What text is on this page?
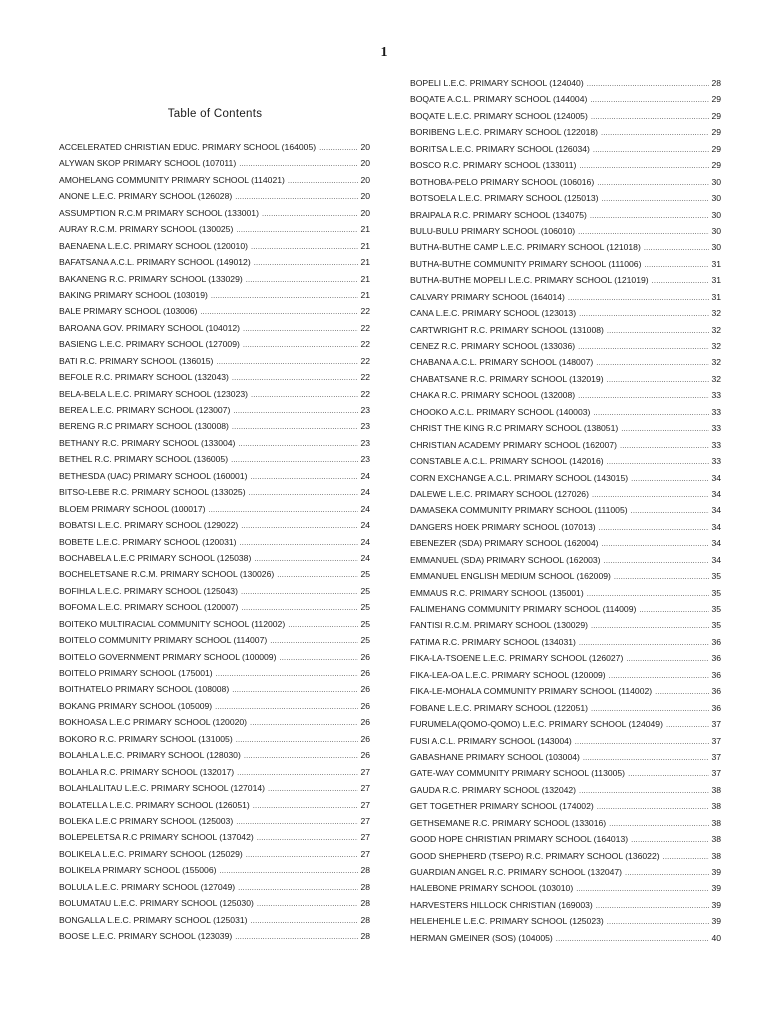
1
Table of Contents
ACCELERATED CHRISTIAN EDUC. PRIMARY SCHOOL (164005) .....	20
ALYWAN SKOP PRIMARY SCHOOL (107011) .....	20
AMOHELANG COMMUNITY PRIMARY SCHOOL (114021) .....	20
ANONE L.E.C. PRIMARY SCHOOL (126028) .....	20
ASSUMPTION R.C.M PRIMARY SCHOOL (133001) .....	20
AURAY R.C.M. PRIMARY SCHOOL (130025) .....	21
BAENAENA L.E.C. PRIMARY SCHOOL (120010) .....	21
BAFATSANA A.C.L. PRIMARY SCHOOL (149012) .....	21
BAKANENG R.C. PRIMARY SCHOOL (133029) .....	21
BAKING PRIMARY SCHOOL (103019) .....	21
BALE PRIMARY SCHOOL (103006) .....	22
BAROANA GOV. PRIMARY SCHOOL (104012) .....	22
BASIENG L.E.C. PRIMARY SCHOOL (127009) .....	22
BATI R.C. PRIMARY SCHOOL (136015) .....	22
BEFOLE R.C. PRIMARY SCHOOL (132043) .....	22
BELA-BELA L.E.C. PRIMARY SCHOOL (123023) .....	22
BEREA L.E.C. PRIMARY SCHOOL (123007) .....	23
BERENG R.C PRIMARY SCHOOL (130008) .....	23
BETHANY R.C. PRIMARY SCHOOL (133004) .....	23
BETHEL R.C. PRIMARY SCHOOL (136005) .....	23
BETHESDA (UAC) PRIMARY SCHOOL (160001) .....	24
BITSO-LEBE R.C. PRIMARY SCHOOL (133025) .....	24
BLOEM PRIMARY SCHOOL (100017) .....	24
BOBATSI L.E.C. PRIMARY SCHOOL (129022) .....	24
BOBETE L.E.C. PRIMARY SCHOOL (120031) .....	24
BOCHABELA L.E.C PRIMARY SCHOOL (125038) .....	24
BOCHELETSANE R.C.M. PRIMARY SCHOOL (130026) .....	25
BOFIHLA L.E.C. PRIMARY SCHOOL (125043) .....	25
BOFOMA L.E.C. PRIMARY SCHOOL (120007) .....	25
BOITEKO MULTIRACIAL COMMUNITY SCHOOL (112002) .....	25
BOITELO COMMUNITY PRIMARY SCHOOL (114007) .....	25
BOITELO GOVERNMENT PRIMARY SCHOOL (100009) .....	26
BOITELO PRIMARY SCHOOL (175001) .....	26
BOITHATELO PRIMARY SCHOOL (108008) .....	26
BOKANG PRIMARY SCHOOL (105009) .....	26
BOKHOASA L.E.C PRIMARY SCHOOL (120020) .....	26
BOKORO R.C. PRIMARY SCHOOL (131005) .....	26
BOLAHLA L.E.C. PRIMARY SCHOOL (128030) .....	26
BOLAHLA R.C. PRIMARY SCHOOL (132017) .....	27
BOLAHLALITAU L.E.C. PRIMARY SCHOOL (127014) .....	27
BOLATELLA L.E.C. PRIMARY SCHOOL (126051) .....	27
BOLEKA L.E.C PRIMARY SCHOOL (125003) .....	27
BOLEPELETSA R.C PRIMARY SCHOOL (137042) .....	27
BOLIKELA L.E.C. PRIMARY SCHOOL (125029) .....	27
BOLIKELA PRIMARY SCHOOL (155006) .....	28
BOLULA L.E.C. PRIMARY SCHOOL (127049) .....	28
BOLUMATAU L.E.C. PRIMARY SCHOOL (125030) .....	28
BONGALLA L.E.C. PRIMARY SCHOOL (125031) .....	28
BOOSE L.E.C. PRIMARY SCHOOL (123039) .....	28
BOPELI L.E.C. PRIMARY SCHOOL (124040) .....	28
BOQATE A.C.L. PRIMARY SCHOOL (144004) .....	29
BOQATE L.E.C. PRIMARY SCHOOL (124005) .....	29
BORIBENG L.E.C. PRIMARY SCHOOL (122018) .....	29
BORITSA L.E.C. PRIMARY SCHOOL (126034) .....	29
BOSCO R.C. PRIMARY SCHOOL (133011) .....	29
BOTHOBA-PELO PRIMARY SCHOOL (106016) .....	30
BOTSOELA L.E.C. PRIMARY SCHOOL (125013) .....	30
BRAIPALA R.C. PRIMARY SCHOOL (134075) .....	30
BULU-BULU PRIMARY SCHOOL (106010) .....	30
BUTHA-BUTHE CAMP L.E.C. PRIMARY SCHOOL (121018) .....	30
BUTHA-BUTHE COMMUNITY PRIMARY SCHOOL (111006) .....	31
BUTHA-BUTHE MOPELI L.E.C. PRIMARY SCHOOL (121019) .....	31
CALVARY PRIMARY SCHOOL (164014) .....	31
CANA L.E.C. PRIMARY SCHOOL (123013) .....	32
CARTWRIGHT R.C. PRIMARY SCHOOL (131008) .....	32
CENEZ R.C. PRIMARY SCHOOL (133036) .....	32
CHABANA A.C.L. PRIMARY SCHOOL (148007) .....	32
CHABATSANE R.C. PRIMARY SCHOOL (132019) .....	32
CHAKA R.C. PRIMARY SCHOOL (132008) .....	33
CHOOKO A.C.L. PRIMARY SCHOOL (140003) .....	33
CHRIST THE KING R.C PRIMARY SCHOOL (138051) .....	33
CHRISTIAN ACADEMY PRIMARY SCHOOL (162007) .....	33
CONSTABLE A.C.L. PRIMARY SCHOOL (142016) .....	33
CORN EXCHANGE A.C.L. PRIMARY SCHOOL (143015) .....	34
DALEWE L.E.C. PRIMARY SCHOOL (127026) .....	34
DAMASEKA COMMUNITY PRIMARY SCHOOL (111005) .....	34
DANGERS HOEK PRIMARY SCHOOL (107013) .....	34
EBENEZER (SDA) PRIMARY SCHOOL (162004) .....	34
EMMANUEL (SDA) PRIMARY SCHOOL (162003) .....	34
EMMANUEL ENGLISH MEDIUM SCHOOL (162009) .....	35
EMMAUS R.C. PRIMARY SCHOOL (135001) .....	35
FALIMEHANG COMMUNITY PRIMARY SCHOOL (114009) .....	35
FANTISI R.C.M. PRIMARY SCHOOL (130029) .....	35
FATIMA R.C. PRIMARY SCHOOL (134031) .....	36
FIKA-LA-TSOENE L.E.C. PRIMARY SCHOOL (126027) .....	36
FIKA-LEA-OA L.E.C. PRIMARY SCHOOL (120009) .....	36
FIKA-LE-MOHALA COMMUNITY PRIMARY SCHOOL (114002) .....	36
FOBANE L.E.C. PRIMARY SCHOOL (122051) .....	36
FURUMELA(QOMO-QOMO) L.E.C. PRIMARY SCHOOL (124049) .....	37
FUSI A.C.L. PRIMARY SCHOOL (143004) .....	37
GABASHANE PRIMARY SCHOOL (103004) .....	37
GATE-WAY COMMUNITY PRIMARY SCHOOL (113005) .....	37
GAUDA R.C. PRIMARY SCHOOL (132042) .....	38
GET TOGETHER PRIMARY SCHOOL (174002) .....	38
GETHSEMANE R.C. PRIMARY SCHOOL (133016) .....	38
GOOD HOPE CHRISTIAN PRIMARY SCHOOL (164013) .....	38
GOOD SHEPHERD (TSEPO) R.C. PRIMARY SCHOOL (136022) .....	38
GUARDIAN ANGEL R.C. PRIMARY SCHOOL (132047) .....	39
HALEBONE PRIMARY SCHOOL (103010) .....	39
HARVESTERS HILLOCK CHRISTIAN (169003) .....	39
HELEHEHLE L.E.C. PRIMARY SCHOOL (125023) .....	39
HERMAN GMEINER (SOS) (104005) .....	40
